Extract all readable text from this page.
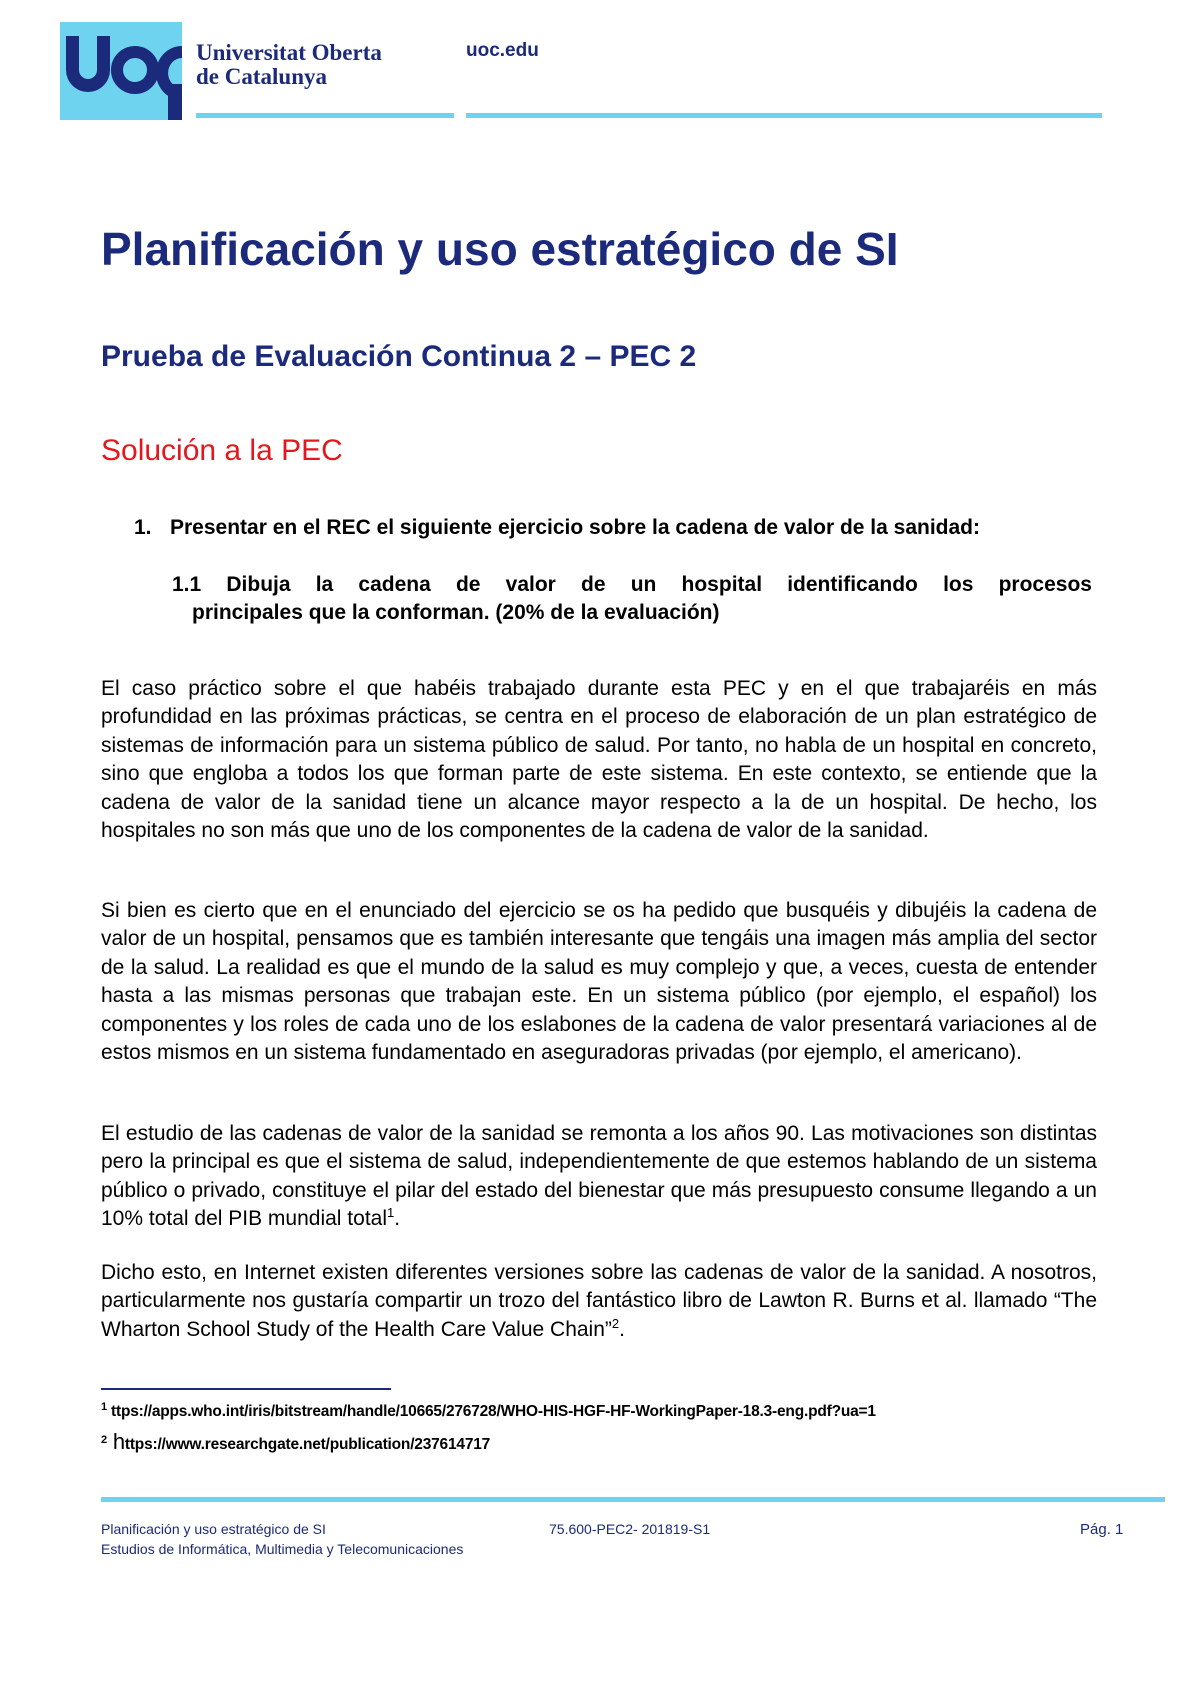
Universitat Oberta
de Catalunya
uoc.edu
Planificación y uso estratégico de SI
Prueba de Evaluación Continua 2 – PEC 2
Solución a la PEC
1. Presentar en el REC el siguiente ejercicio sobre la cadena de valor de la sanidad:
1.1 Dibuja la cadena de valor de un hospital identificando los procesos
principales que la conforman. (20% de la evaluación)
El caso práctico sobre el que habéis trabajado durante esta PEC y en el que trabajaréis en más profundidad en las próximas prácticas, se centra en el proceso de elaboración de un plan estratégico de sistemas de información para un sistema público de salud. Por tanto, no habla de un hospital en concreto, sino que engloba a todos los que forman parte de este sistema. En este contexto, se entiende que la cadena de valor de la sanidad tiene un alcance mayor respecto a la de un hospital. De hecho, los hospitales no son más que uno de los componentes de la cadena de valor de la sanidad.
Si bien es cierto que en el enunciado del ejercicio se os ha pedido que busquéis y dibujéis la cadena de valor de un hospital, pensamos que es también interesante que tengáis una imagen más amplia del sector de la salud. La realidad es que el mundo de la salud es muy complejo y que, a veces, cuesta de entender hasta a las mismas personas que trabajan este. En un sistema público (por ejemplo, el español) los componentes y los roles de cada uno de los eslabones de la cadena de valor presentará variaciones al de estos mismos en un sistema fundamentado en aseguradoras privadas (por ejemplo, el americano).
El estudio de las cadenas de valor de la sanidad se remonta a los años 90. Las motivaciones son distintas pero la principal es que el sistema de salud, independientemente de que estemos hablando de un sistema público o privado, constituye el pilar del estado del bienestar que más presupuesto consume llegando a un 10% total del PIB mundial total$^1$.
Dicho esto, en Internet existen diferentes versiones sobre las cadenas de valor de la sanidad. A nosotros, particularmente nos gustaría compartir un trozo del fantástico libro de Lawton R. Burns et al. llamado “The Wharton School Study of the Health Care Value Chain”$^2$.
$^1$ ttps://apps.who.int/iris/bitstream/handle/10665/276728/WHO-HIS-HGF-HF-WorkingPaper-18.3-eng.pdf?ua=1
$^2$ https://www.researchgate.net/publication/237614717
Planificación y uso estratégico de SI
Estudios de Informática, Multimedia y Telecomunicaciones
75.600-PEC2- 201819-S1	Pág. 1
